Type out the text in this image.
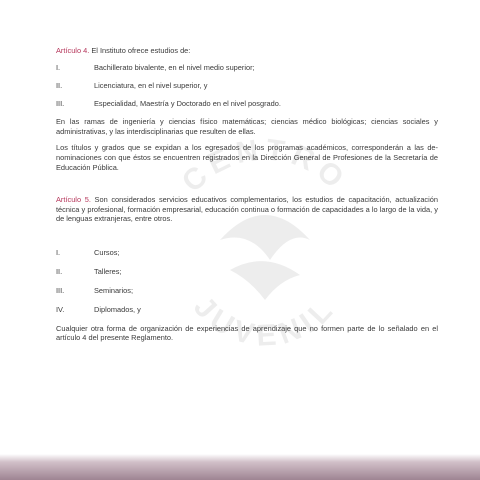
CENTRO
JUVENIL

Artículo 4. El Instituto ofrece estudios de:

I.	Bachillerato bivalente, en el nivel medio superior;
II.	Licenciatura, en el nivel superior, y
III.	Especialidad, Maestría y Doctorado en el nivel posgrado.

En las ramas de ingeniería y ciencias físico matemáticas; ciencias médico biológicas; ciencias sociales y administrativas, y las interdisciplinarias que resulten de ellas.

Los títulos y grados que se expidan a los egresados de los programas académicos, corresponderán a las de- nominaciones con que éstos se encuentren registrados en la Dirección General de Profesiones de la Secretaría de Educación Pública.

Artículo 5. Son considerados servicios educativos complementarios, los estudios de capacitación, actualización técnica y profesional, formación empresarial, educación continua o formación de capacidades a lo largo de la vida, y de lenguas extranjeras, entre otros.

I.	Cursos;
II.	Talleres;
III.	Seminarios;
IV.	Diplomados, y

Cualquier otra forma de organización de experiencias de aprendizaje que no formen parte de lo señalado en el artículo 4 del presente Reglamento.
